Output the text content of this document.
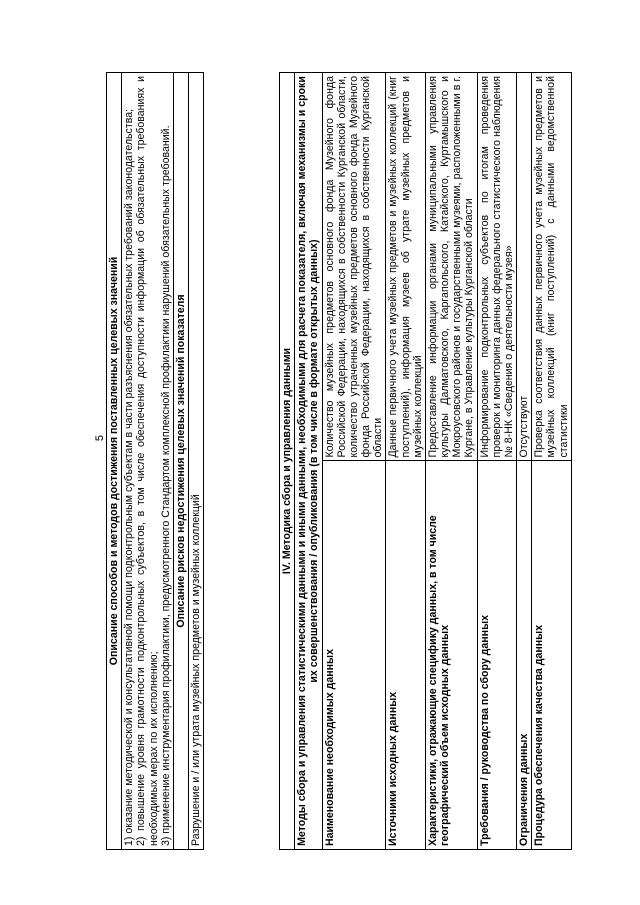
5 Описание способов и методов достижения поставленных целевых значений

1) оказание методической и консультативной помощи подконтрольным субъектам в части разъяснения обязательных требований законодательства; 2) повышение уровня грамотности подконтрольных субъектов, в том числе обеспечения доступности информации об обязательных требованиях и необходимых мерах по их исполнению; 3) применение инструментария профилактики, предусмотренного Стандартом комплексной профилактики нарушений обязательных требований.

Описание рисков недостижения целевых значений показателя
Разрушение и / или утрата музейных предметов и музейных коллекций
IV. Методика сбора и управления данными	
Методы сбора и управления статистическими данными и иными данными, необходимыми для расчета показателя, включая механизмы и сроки их совершенствования / опубликования (в том числе в формате открытых данных)	
Наименование необходимых данных	Количество музейных предметов основного фонда Музейного фонда Российской Федерации, находящихся в собственности Курганской области, количество утраченных музейных предметов основного фонда Музейного фонда Российской Федерации, находящихся в собственности Курганской области
Источники исходных данных	Данные первичного учета музейных предметов и музейных коллекций (книг поступлений), информация музеев об утрате музейных предметов и музейных коллекций
Характеристики, отражающие специфику данных, в том числе географический объем исходных данных	Предоставление информации органами муниципальными управления культуры Далматовского, Каргапольского, Катайского, Куртамышского и Мокроусовского районов и государственными музеями, расположенными в г. Кургане, в Управление культуры Курганской области
Требования / руководства по сбору данных	Информирование подконтрольных субъектов по итогам проведения проверок и мониторинга данных федерального статистического наблюдения № 8-НК «Сведения о деятельности музея»
Ограничения данных	Отсутствуют
Процедура обеспечения качества данных	Проверка соответствия данных первичного учета музейных предметов и музейных коллекций (книг поступлений) с данными ведомственной статистики
